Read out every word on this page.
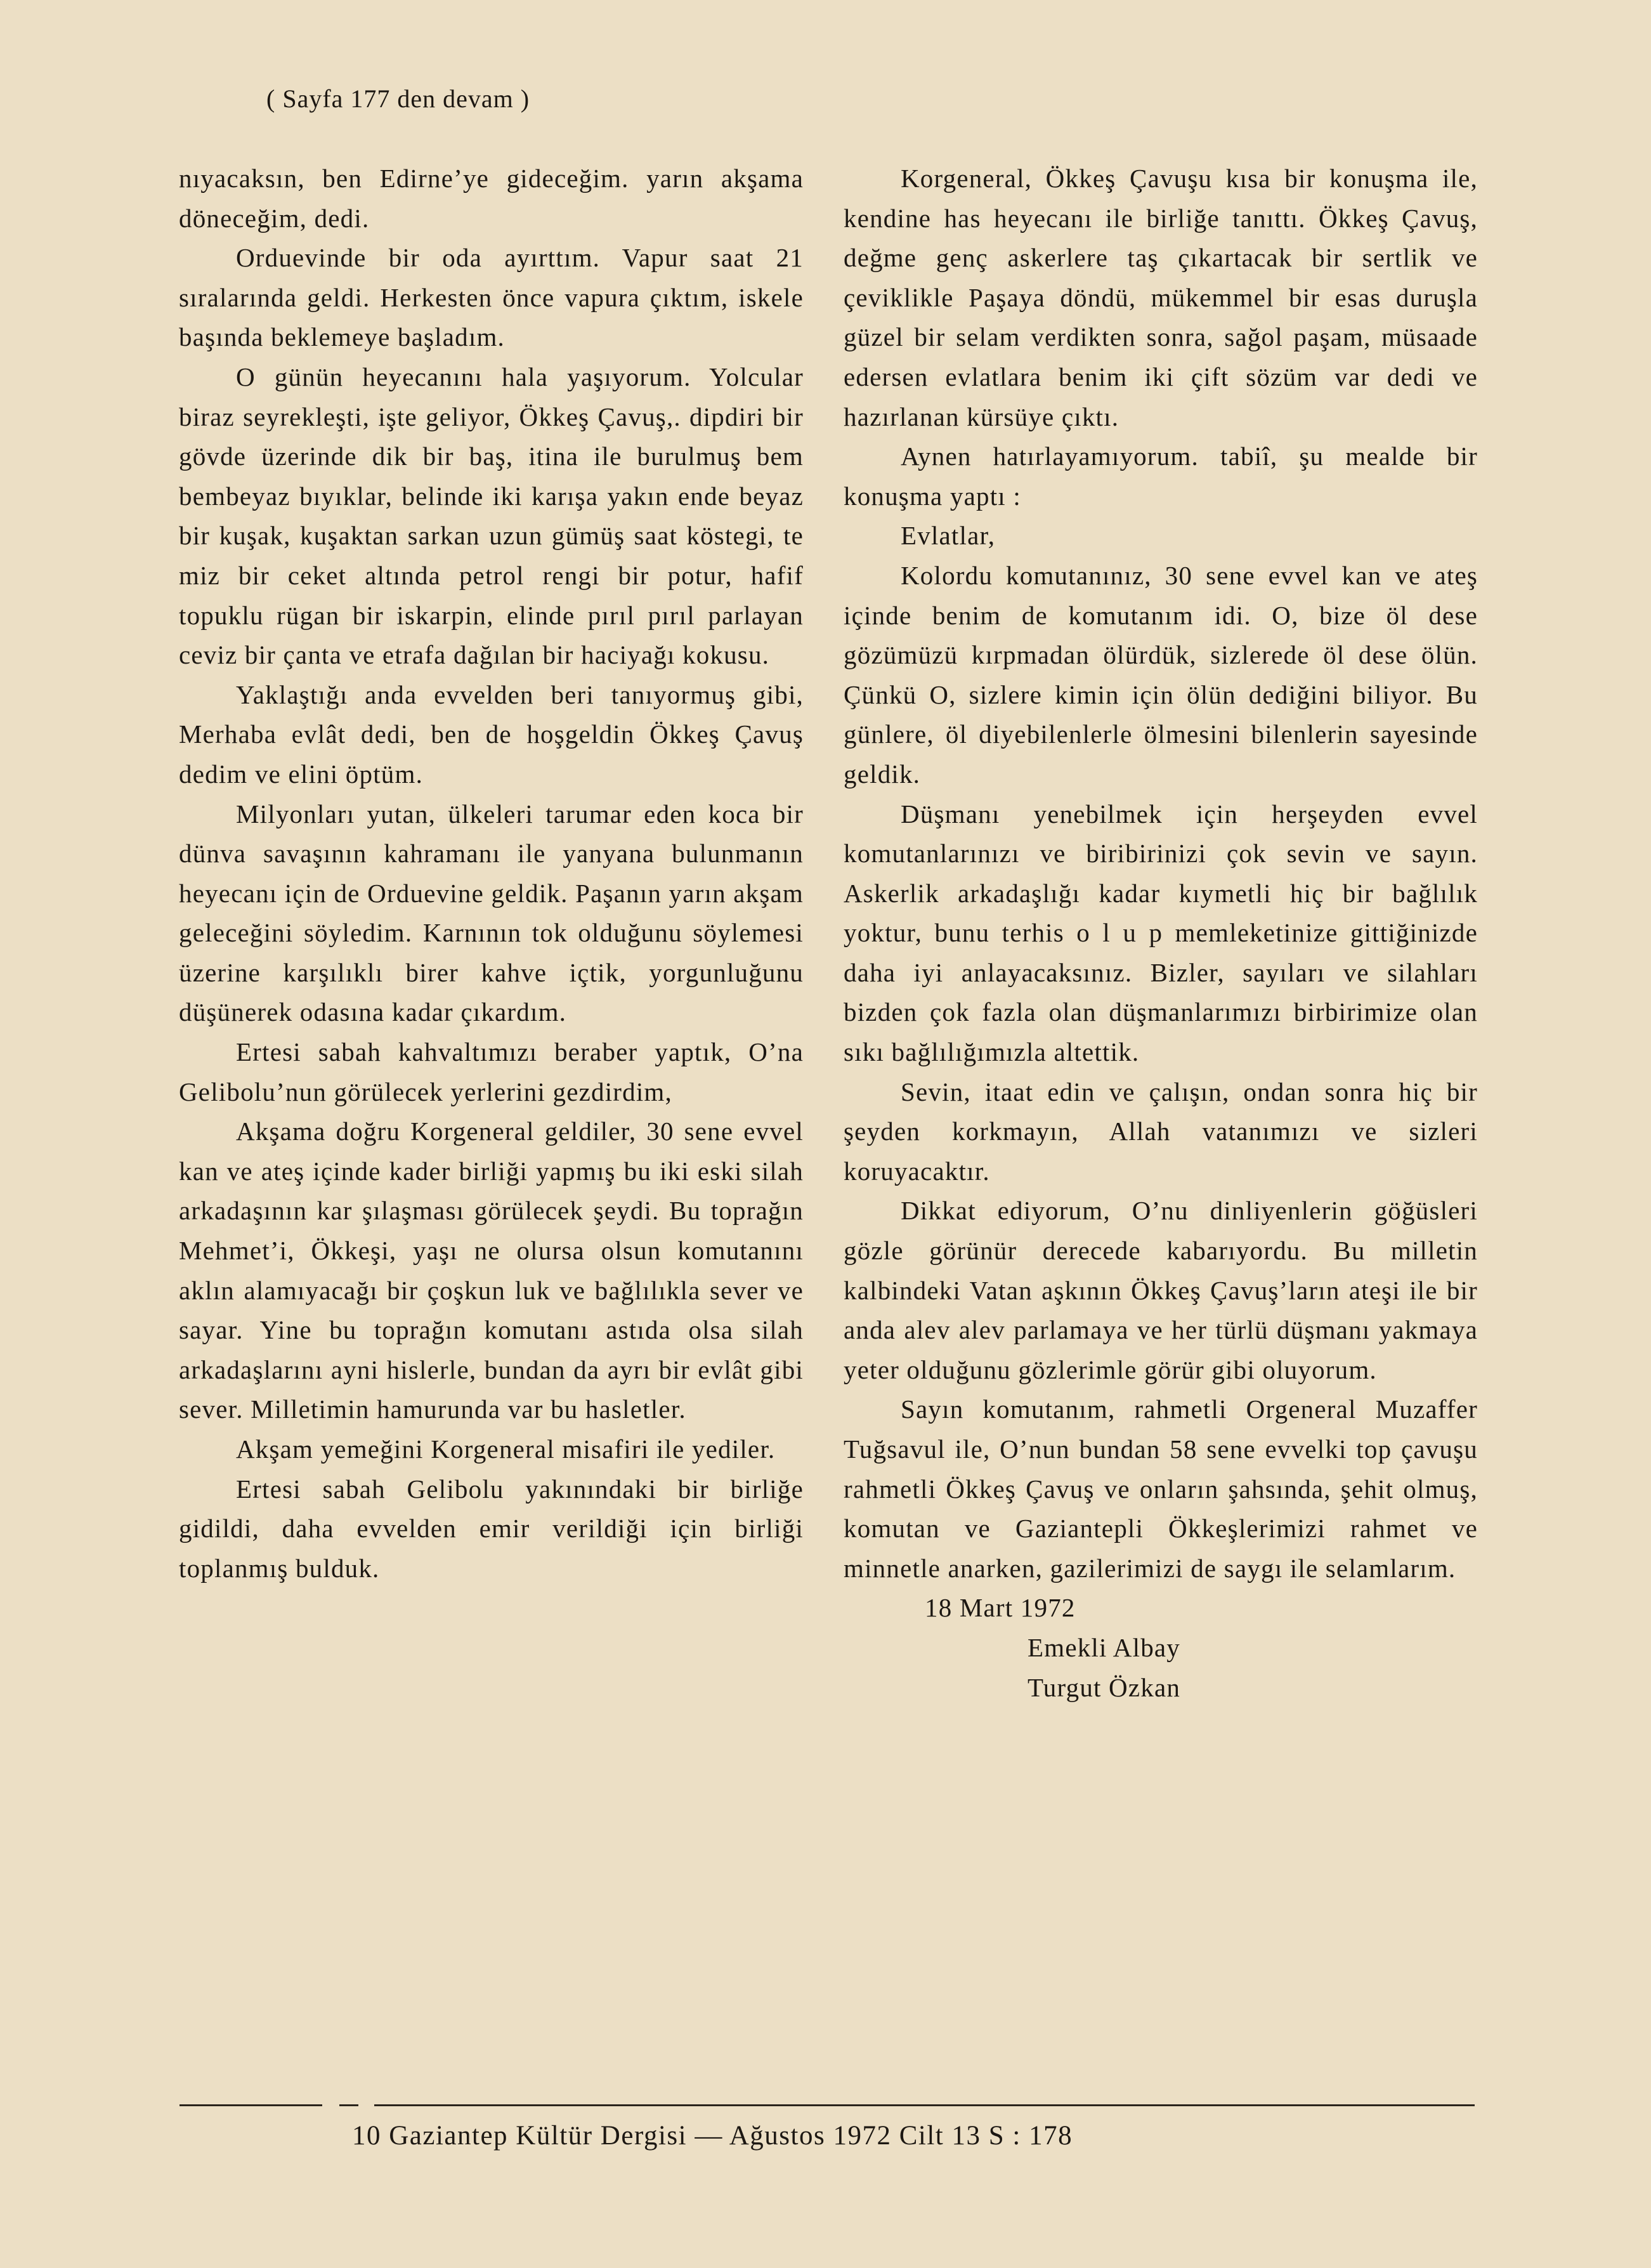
( Sayfa 177 den devam )

nıyacaksın, ben Edirne’ye gideceğim. yarın akşama döneceğim, dedi.

Orduevinde bir oda ayırttım. Vapur saat 21 sıralarında geldi. Herkesten önce vapura çıktım, iskele başında beklemeye başladım.

O günün heyecanını hala yaşıyorum. Yolcular biraz seyrekleşti, işte geliyor, Ökkeş Çavuş,. dipdiri bir gövde üzerinde dik bir baş, itina ile burulmuş bem bembeyaz bıyıklar, belinde iki karışa yakın ende beyaz bir kuşak, kuşaktan sarkan uzun gümüş saat köstegi, te miz bir ceket altında petrol rengi bir potur, hafif topuklu rügan bir iskarpin, elinde pırıl pırıl parlayan ceviz bir çanta ve etrafa dağılan bir haciyağı kokusu.

Yaklaştığı anda evvelden beri tanıyormuş gibi, Merhaba evlât dedi, ben de hoşgeldin Ökkeş Çavuş dedim ve elini öptüm.

Milyonları yutan, ülkeleri tarumar eden koca bir dünva savaşının kahramanı ile yanyana bulunmanın heyecanı için de Orduevine geldik. Paşanın yarın akşam geleceğini söyledim. Karnının tok olduğunu söylemesi üzerine karşılıklı birer kahve içtik, yorgunluğunu düşünerek odasına kadar çıkardım.

Ertesi sabah kahvaltımızı beraber yaptık, O’na Gelibolu’nun görülecek yerlerini gezdirdim,

Akşama doğru Korgeneral geldiler, 30 sene evvel kan ve ateş içinde kader birliği yapmış bu iki eski silah arkadaşının kar şılaşması görülecek şeydi. Bu toprağın Mehmet’i, Ökkeşi, yaşı ne olursa olsun komutanını aklın alamıyacağı bir çoşkun luk ve bağlılıkla sever ve sayar. Yine bu toprağın komutanı astıda olsa silah arkadaşlarını ayni hislerle, bundan da ayrı bir evlât gibi sever. Milletimin hamurunda var bu hasletler.

Akşam yemeğini Korgeneral misafiri ile yediler.

Ertesi sabah Gelibolu yakınındaki bir birliğe gidildi, daha evvelden emir verildiği için birliği toplanmış bulduk.

Korgeneral, Ökkeş Çavuşu kısa bir konuşma ile, kendine has heyecanı ile birliğe tanıttı. Ökkeş Çavuş, değme genç askerlere taş çıkartacak bir sertlik ve çeviklikle Paşaya döndü, mükemmel bir esas duruşla güzel bir selam verdikten sonra, sağol paşam, müsaade edersen evlatlara benim iki çift sözüm var dedi ve hazırlanan kürsüye çıktı.

Aynen hatırlayamıyorum. tabiî, şu mealde bir konuşma yaptı :

Evlatlar,

Kolordu komutanınız, 30 sene evvel kan ve ateş içinde benim de komutanım idi. O, bize öl dese gözümüzü kırpmadan ölürdük, sizlerede öl dese ölün. Çünkü O, sizlere kimin için ölün dediğini biliyor. Bu günlere, öl diyebilenlerle ölmesini bilenlerin sayesinde geldik.

Düşmanı yenebilmek için herşeyden evvel komutanlarınızı ve biribirinizi çok sevin ve sayın. Askerlik arkadaşlığı kadar kıymetli hiç bir bağlılık yoktur, bunu terhis o l u p memleketinize gittiğinizde daha iyi anlayacaksınız. Bizler, sayıları ve silahları bizden çok fazla olan düşmanlarımızı birbirimize olan sıkı bağlılığımızla altettik.

Sevin, itaat edin ve çalışın, ondan sonra hiç bir şeyden korkmayın, Allah vatanımızı ve sizleri koruyacaktır.

Dikkat ediyorum, O’nu dinliyenlerin göğüsleri gözle görünür derecede kabarıyordu. Bu milletin kalbindeki Vatan aşkının Ökkeş Çavuş’ların ateşi ile bir anda alev alev parlamaya ve her türlü düşmanı yakmaya yeter olduğunu gözlerimle görür gibi oluyorum.

Sayın komutanım, rahmetli Orgeneral Muzaffer Tuğsavul ile, O’nun bundan 58 sene evvelki top çavuşu rahmetli Ökkeş Çavuş ve onların şahsında, şehit olmuş, komutan ve Gaziantepli Ökkeşlerimizi rahmet ve minnetle anarken, gazilerimizi de saygı ile selamlarım.

18 Mart 1972

Emekli Albay

Turgut Özkan

10 Gaziantep Kültür Dergisi — Ağustos 1972 Cilt 13 S : 178
